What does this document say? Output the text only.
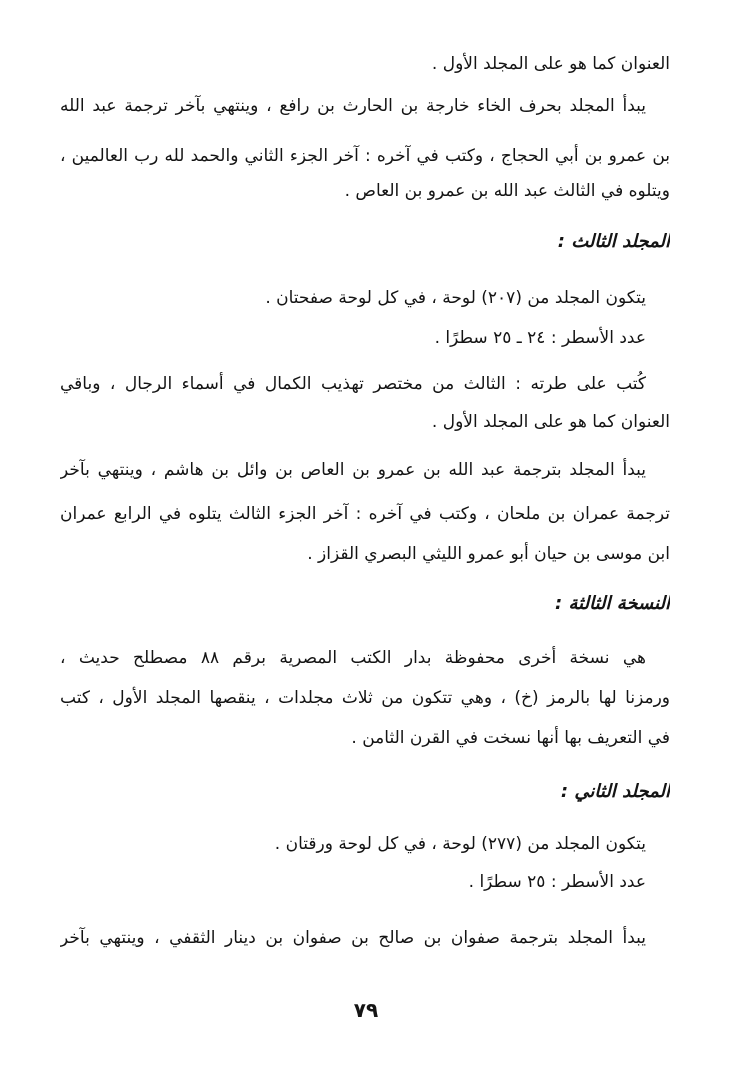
العنوان كما هو على المجلد الأول .
يبدأ المجلد بحرف الخاء خارجة بن الحارث بن رافع ، وينتهي بآخر ترجمة عبد الله
بن عمرو بن أبي الحجاج ، وكتب في آخره : آخر الجزء الثاني والحمد لله رب العالمين ،
ويتلوه في الثالث عبد الله بن عمرو بن العاص .
المجلد الثالث :
يتكون المجلد من (٢٠٧) لوحة ، في كل لوحة صفحتان .
عدد الأسطر : ٢٤ ـ ٢٥ سطرًا .
كُتب على طرته : الثالث من مختصر تهذيب الكمال في أسماء الرجال ، وباقي
العنوان كما هو على المجلد الأول .
يبدأ المجلد بترجمة عبد الله بن عمرو بن العاص بن وائل بن هاشم ، وينتهي بآخر
ترجمة عمران بن ملحان ، وكتب في آخره : آخر الجزء الثالث يتلوه في الرابع عمران
ابن موسى بن حيان أبو عمرو الليثي البصري القزاز .
النسخة الثالثة :
هي نسخة أخرى محفوظة بدار الكتب المصرية برقم ٨٨ مصطلح حديث ،
ورمزنا لها بالرمز (خ) ، وهي تتكون من ثلاث مجلدات ، ينقصها المجلد الأول ، كتب
في التعريف بها أنها نسخت في القرن الثامن .
المجلد الثاني :
يتكون المجلد من (٢٧٧) لوحة ، في كل لوحة ورقتان .
عدد الأسطر : ٢٥ سطرًا .
يبدأ المجلد بترجمة صفوان بن صالح بن صفوان بن دينار الثقفي ، وينتهي بآخر
٧٩
